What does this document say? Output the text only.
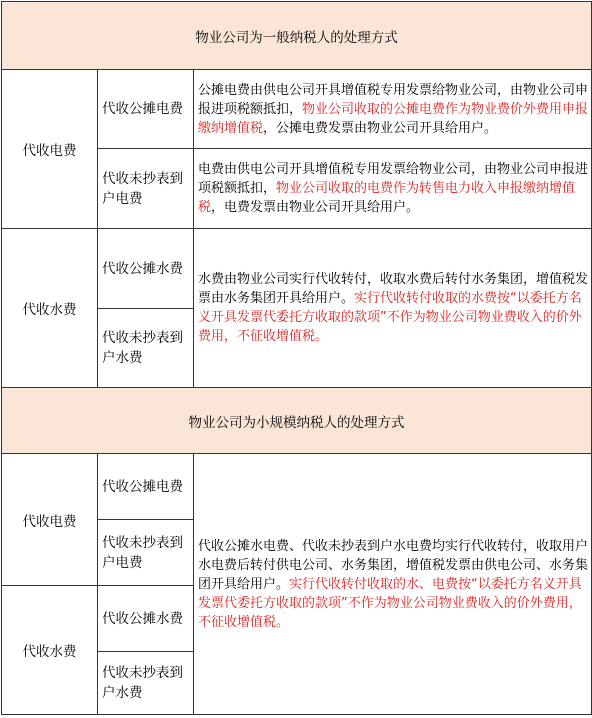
物业公司为一般纳税人的处理方式		
代收电费	代收公摊电费	公摊电费由供电公司开具增值税专用发票给物业公司，由物业公司申报进项税额抵扣，物业公司收取的公摊电费作为物业费价外费用申报缴纳增值税，公摊电费发票由物业公司开具给用户。
	代收未抄表到户电费	电费由供电公司开具增值税专用发票给物业公司，由物业公司申报进项税额抵扣，物业公司收取的电费作为转售电力收入申报缴纳增值税，电费发票由物业公司开具给用户。
代收水费	代收公摊水费	水费由物业公司实行代收转付，收取水费后转付水务集团，增值税发票由水务集团开具给用户。实行代收转付收取的水费按“以委托方名义开具发票代委托方收取的款项”不作为物业公司物业费收入的价外费用，不征收增值税。
	代收未抄表到户水费	
物业公司为小规模纳税人的处理方式		
代收电费	代收公摊电费	代收公摊水电费、代收未抄表到户水电费均实行代收转付，收取用户水电费后转付供电公司、水务集团，增值税发票由供电公司、水务集团开具给用户。实行代收转付收取的水、电费按“以委托方名义开具发票代委托方收取的款项”不作为物业公司物业费收入的价外费用，不征收增值税。
	代收未抄表到户电费	
代收水费	代收公摊水费	
	代收未抄表到户水费	
